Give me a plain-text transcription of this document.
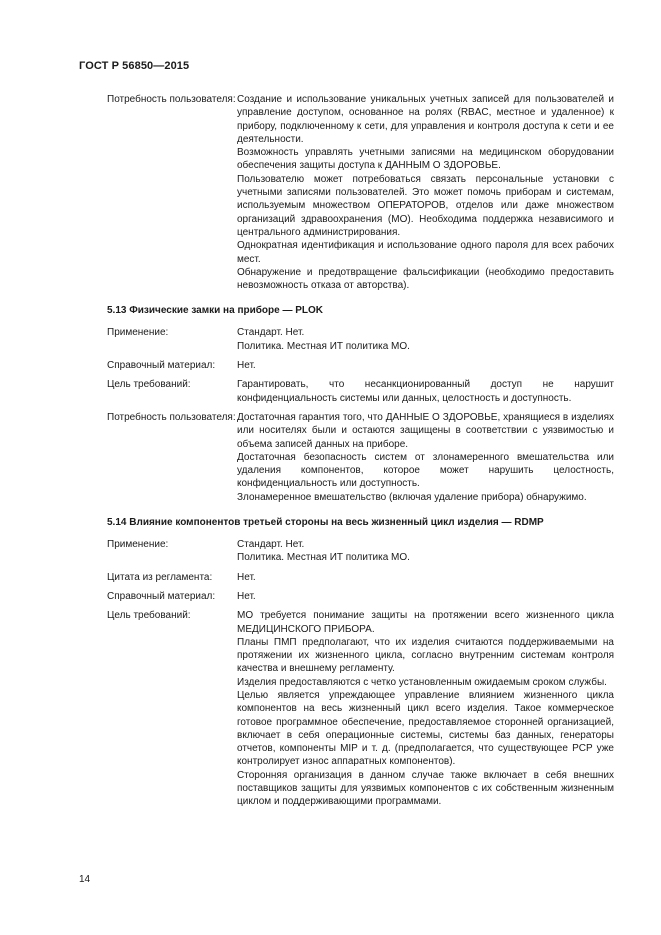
ГОСТ Р 56850—2015
Потребность пользователя: Создание и использование уникальных учетных записей для пользователей и управление доступом, основанное на ролях (RBAC, местное и удаленное) к прибору, подключенному к сети, для управления и контроля доступа к сети и ее деятельности.

Возможность управлять учетными записями на медицинском оборудовании обеспечения защиты доступа к ДАННЫМ О ЗДОРОВЬЕ.

Пользователю может потребоваться связать персональные установки с учетными записями пользователей. Это может помочь приборам и системам, используемым множеством ОПЕРАТОРОВ, отделов или даже множеством организаций здравоохранения (МО). Необходима поддержка независимого и центрального администрирования.

Однократная идентификация и использование одного пароля для всех рабочих мест.

Обнаружение и предотвращение фальсификации (необходимо предоставить невозможность отказа от авторства).

5.13 Физические замки на приборе — PLOK
Применение:	Стандарт. Нет.

Политика. Местная ИТ политика МО.

Справочный материал:	Нет.

Цель требований:	Гарантировать, что несанкционированный доступ не нарушит конфиденциальность системы или данных, целостность и доступность.

Потребность пользователя: Достаточная гарантия того, что ДАННЫЕ О ЗДОРОВЬЕ, хранящиеся в изделиях или носителях были и остаются защищены в соответствии с уязвимостью и объема записей данных на приборе.

Достаточная безопасность систем от злонамеренного вмешательства или удаления компонентов, которое может нарушить целостность, конфиденциальность или доступность.

Злонамеренное вмешательство (включая удаление прибора) обнаружимо.

5.14 Влияние компонентов третьей стороны на весь жизненный цикл изделия — RDMP
Применение:	Стандарт. Нет.

Политика. Местная ИТ политика МО.

Цитата из регламента:	Нет.

Справочный материал:	Нет.

Цель требований:	МО требуется понимание защиты на протяжении всего жизненного цикла МЕДИЦИНСКОГО ПРИБОРА.

Планы ПМП предполагают, что их изделия считаются поддерживаемыми на протяжении их жизненного цикла, согласно внутренним системам контроля качества и внешнему регламенту.

Изделия предоставляются с четко установленным ожидаемым сроком службы.

Целью является упреждающее управление влиянием жизненного цикла компонентов на весь жизненный цикл всего изделия. Такое коммерческое готовое программное обеспечение, предоставляемое сторонней организацией, включает в себя операционные системы, системы баз данных, генераторы отчетов, компоненты MIP и т. д. (предполагается, что существующее PCP уже контролирует износ аппаратных компонентов).

Сторонняя организация в данном случае также включает в себя внешних поставщиков защиты для уязвимых компонентов с их собственным жизненным циклом и поддерживающими программами.

14
